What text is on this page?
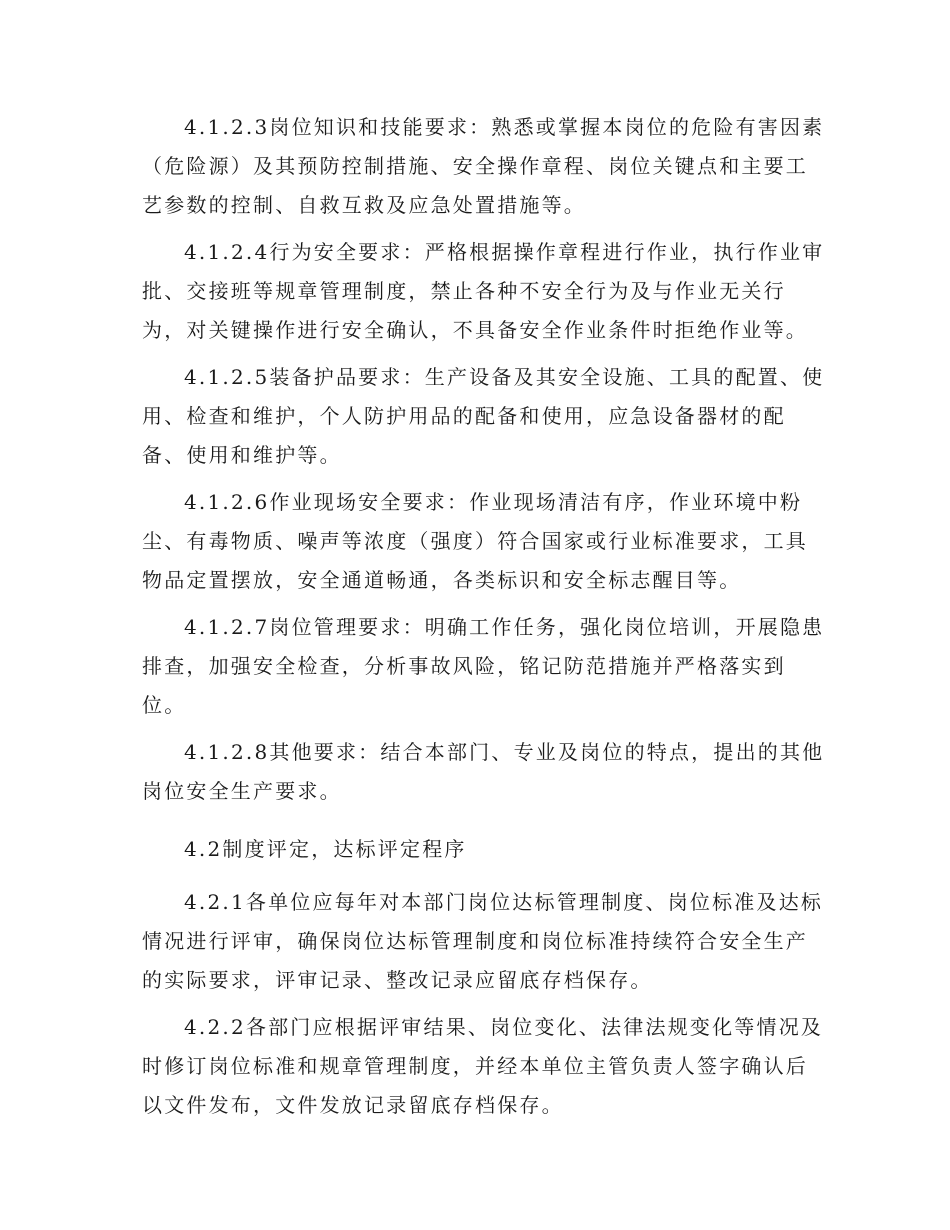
4.1.2.3岗位知识和技能要求：熟悉或掌握本岗位的危险有害因素
（危险源）及其预防控制措施、安全操作章程、岗位关键点和主要工
艺参数的控制、自救互救及应急处置措施等。
4.1.2.4行为安全要求：严格根据操作章程进行作业，执行作业审
批、交接班等规章管理制度，禁止各种不安全行为及与作业无关行
为，对关键操作进行安全确认，不具备安全作业条件时拒绝作业等。
4.1.2.5装备护品要求：生产设备及其安全设施、工具的配置、使
用、检查和维护，个人防护用品的配备和使用，应急设备器材的配
备、使用和维护等。
4.1.2.6作业现场安全要求：作业现场清洁有序，作业环境中粉
尘、有毒物质、噪声等浓度（强度）符合国家或行业标准要求，工具
物品定置摆放，安全通道畅通，各类标识和安全标志醒目等。
4.1.2.7岗位管理要求：明确工作任务，强化岗位培训，开展隐患
排查，加强安全检查，分析事故风险，铭记防范措施并严格落实到
位。
4.1.2.8其他要求：结合本部门、专业及岗位的特点，提出的其他
岗位安全生产要求。
4.2制度评定，达标评定程序
4.2.1各单位应每年对本部门岗位达标管理制度、岗位标准及达标
情况进行评审，确保岗位达标管理制度和岗位标准持续符合安全生产
的实际要求，评审记录、整改记录应留底存档保存。
4.2.2各部门应根据评审结果、岗位变化、法律法规变化等情况及
时修订岗位标准和规章管理制度，并经本单位主管负责人签字确认后
以文件发布，文件发放记录留底存档保存。
